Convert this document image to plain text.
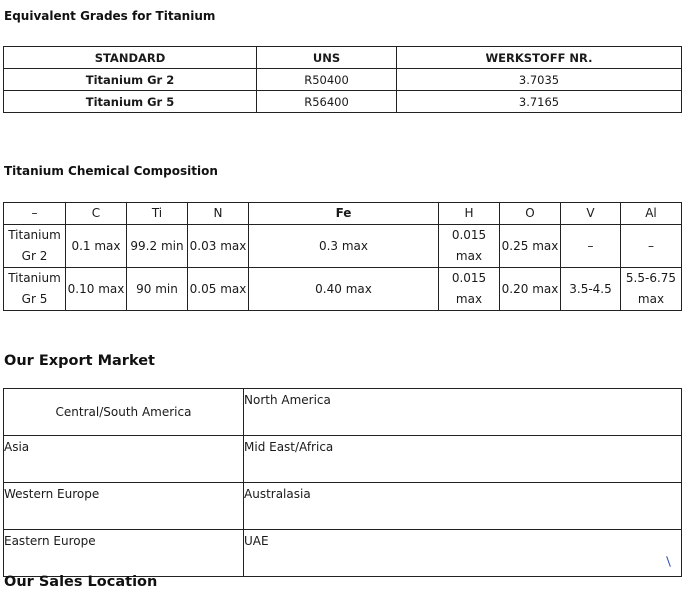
Equivalent Grades for Titanium
STANDARD	UNS	WERKSTOFF NR.
Titanium Gr 2	R50400	3.7035
Titanium Gr 5	R56400	3.7165
Titanium Chemical Composition
–	C	Ti	N	Fe	H	O	V	Al
Titanium Gr 2	0.1 max	99.2 min	0.03 max	0.3 max	0.015 max	0.25 max	–	–
Titanium Gr 5	0.10 max	90 min	0.05 max	0.40 max	0.015 max	0.20 max	3.5-4.5	5.5-6.75 max
Our Export Market
Central/South America	North America
Asia	Mid East/Africa
Western Europe	Australasia
Eastern Europe	UAE
Our Sales Location
